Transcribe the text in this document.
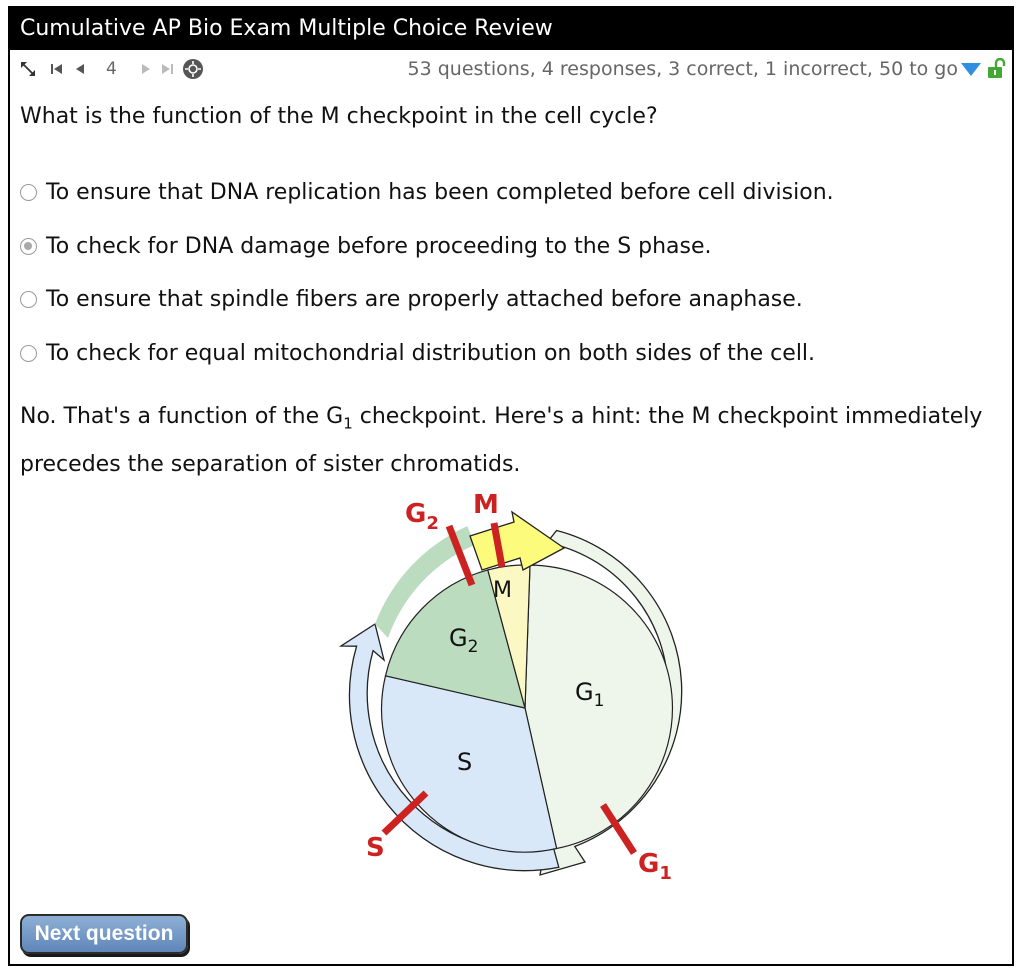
Cumulative AP Bio Exam Multiple Choice Review
4	53 questions, 4 responses, 3 correct, 1 incorrect, 50 to go
What is the function of the M checkpoint in the cell cycle?
To ensure that DNA replication has been completed before cell division.
To check for DNA damage before proceeding to the S phase.
To ensure that spindle fibers are properly attached before anaphase.
To check for equal mitochondrial distribution on both sides of the cell.
No. That's a function of the $G_1$ checkpoint. Here's a hint: the M checkpoint immediately precedes the separation of sister chromatids.
$G_2$
M
$G_1$
S
$G_2$
M
$G_1$
S
Next question
